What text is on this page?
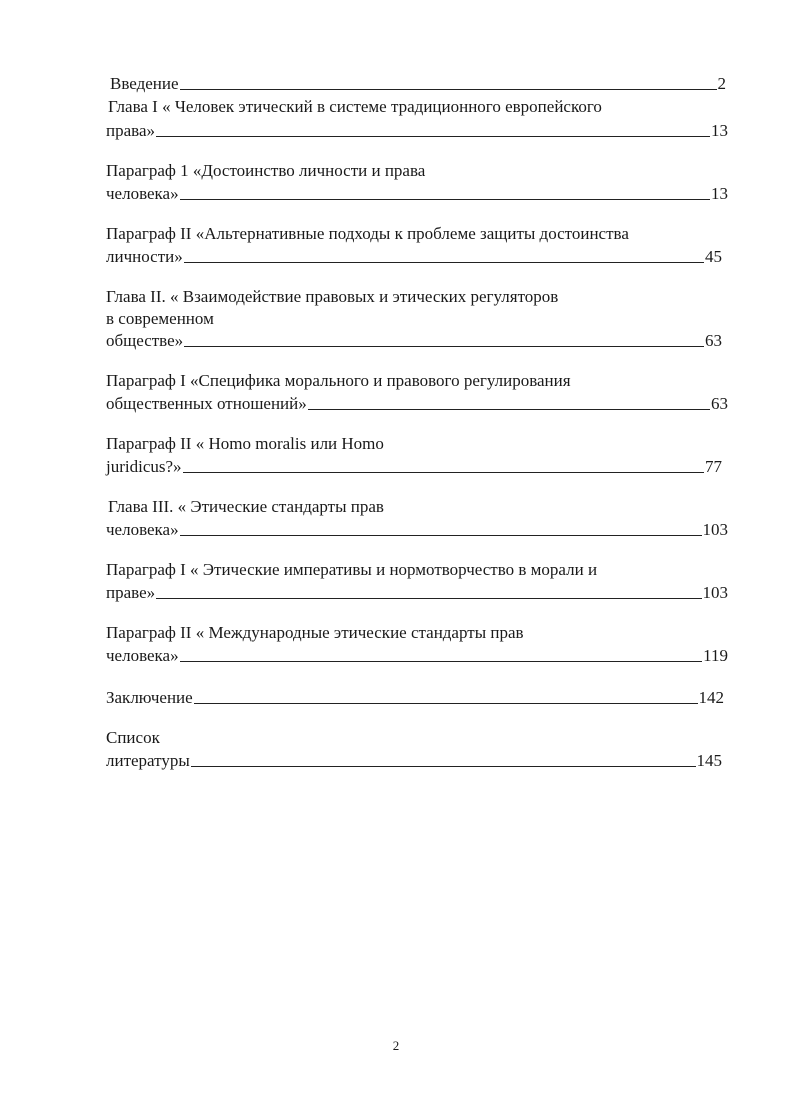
Введение	2
Глава I « Человек этический в системе традиционного европейского
права»	13
Параграф 1 «Достоинство личности и права
человека»	13
Параграф II «Альтернативные подходы к проблеме защиты достоинства
личности»	45
Глава II. « Взаимодействие правовых и этических регуляторов
в современном
обществе»	63
Параграф I «Специфика морального и правового регулирования
общественных отношений»	63
Параграф II « Homo moralis или Homo
juridicus?»	77
Глава III. « Этические стандарты прав
человека»	103
Параграф I « Этические императивы и нормотворчество в морали и
праве»	103
Параграф II « Международные этические стандарты прав
человека»	119
Заключение	142
Список
литературы	145
2
